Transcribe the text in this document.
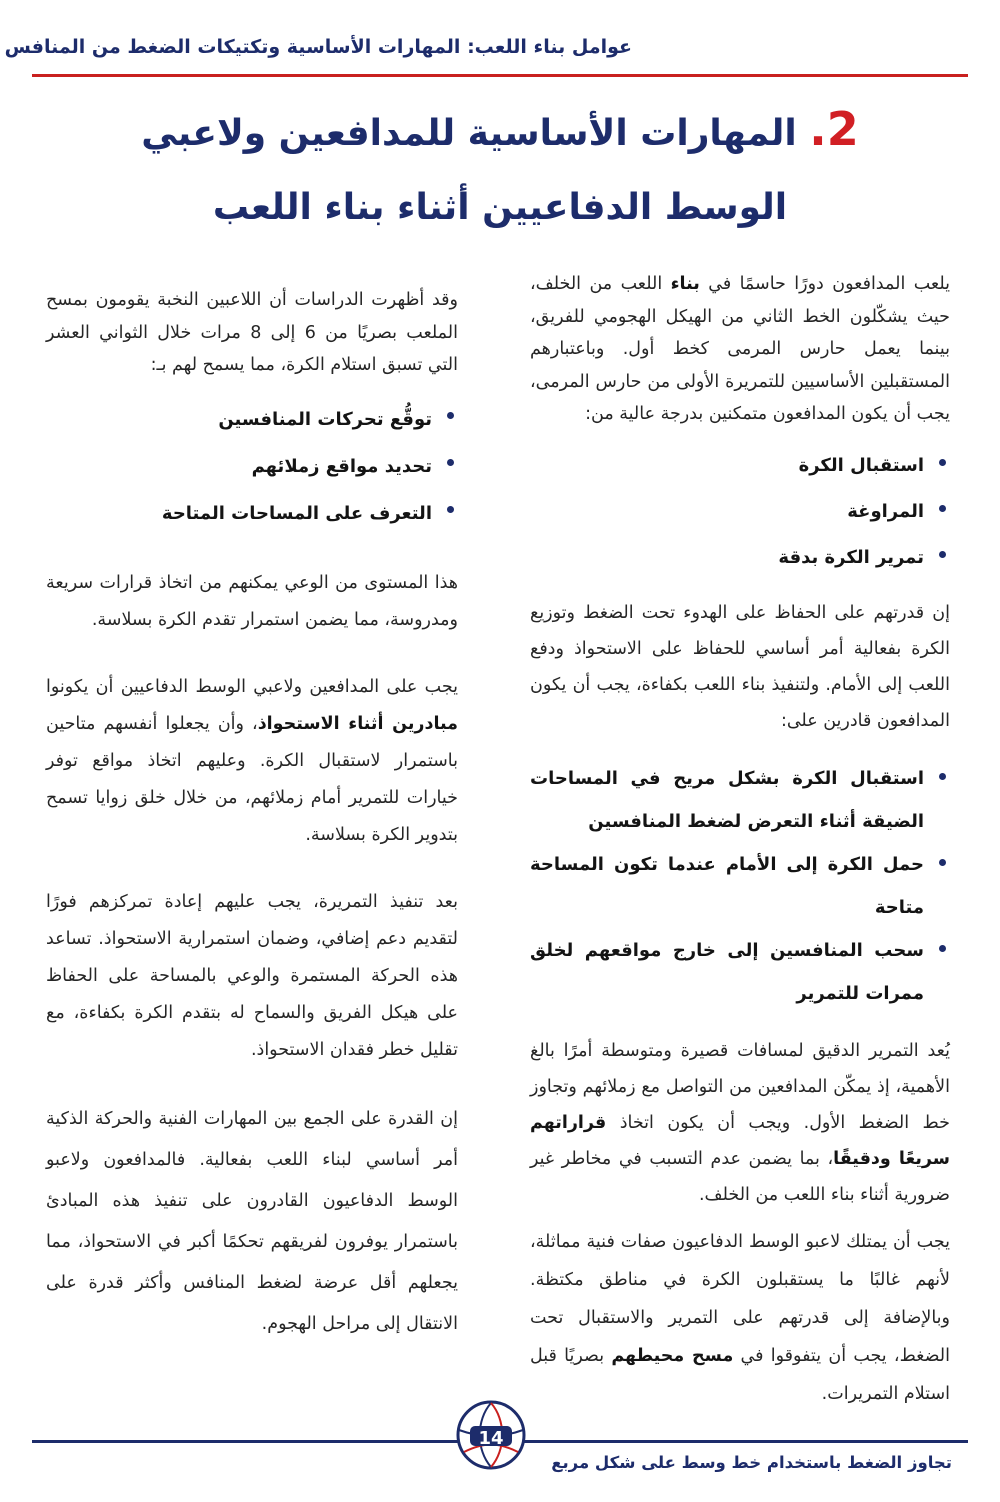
عوامل بناء اللعب: المهارات الأساسية وتكتيكات الضغط من المنافس
2. المهارات الأساسية للمدافعين ولاعبي
الوسط الدفاعيين أثناء بناء اللعب

يلعب المدافعون دورًا حاسمًا في بناء اللعب من الخلف، حيث يشكّلون الخط الثاني من الهيكل الهجومي للفريق، بينما يعمل حارس المرمى كخط أول. وباعتبارهم المستقبلين الأساسيين للتمريرة الأولى من حارس المرمى، يجب أن يكون المدافعون متمكنين بدرجة عالية من:

استقبال الكرة
المراوغة
تمرير الكرة بدقة

إن قدرتهم على الحفاظ على الهدوء تحت الضغط وتوزيع الكرة بفعالية أمر أساسي للحفاظ على الاستحواذ ودفع اللعب إلى الأمام. ولتنفيذ بناء اللعب بكفاءة، يجب أن يكون المدافعون قادرين على:

استقبال الكرة بشكل مريح في المساحات الضيقة أثناء التعرض لضغط المنافسين
حمل الكرة إلى الأمام عندما تكون المساحة متاحة
سحب المنافسين إلى خارج مواقعهم لخلق ممرات للتمرير

يُعد التمرير الدقيق لمسافات قصيرة ومتوسطة أمرًا بالغ الأهمية، إذ يمكّن المدافعين من التواصل مع زملائهم وتجاوز خط الضغط الأول. ويجب أن يكون اتخاذ قراراتهم سريعًا ودقيقًا، بما يضمن عدم التسبب في مخاطر غير ضرورية أثناء بناء اللعب من الخلف.

يجب أن يمتلك لاعبو الوسط الدفاعيون صفات فنية مماثلة، لأنهم غالبًا ما يستقبلون الكرة في مناطق مكتظة. وبالإضافة إلى قدرتهم على التمرير والاستقبال تحت الضغط، يجب أن يتفوقوا في مسح محيطهم بصريًا قبل استلام التمريرات.

وقد أظهرت الدراسات أن اللاعبين النخبة يقومون بمسح الملعب بصريًا من 6 إلى 8 مرات خلال الثواني العشر التي تسبق استلام الكرة، مما يسمح لهم بـ:

توقُّع تحركات المنافسين
تحديد مواقع زملائهم
التعرف على المساحات المتاحة

هذا المستوى من الوعي يمكنهم من اتخاذ قرارات سريعة ومدروسة، مما يضمن استمرار تقدم الكرة بسلاسة.

يجب على المدافعين ولاعبي الوسط الدفاعيين أن يكونوا مبادرين أثناء الاستحواذ، وأن يجعلوا أنفسهم متاحين باستمرار لاستقبال الكرة. وعليهم اتخاذ مواقع توفر خيارات للتمرير أمام زملائهم، من خلال خلق زوايا تسمح بتدوير الكرة بسلاسة.

بعد تنفيذ التمريرة، يجب عليهم إعادة تمركزهم فورًا لتقديم دعم إضافي، وضمان استمرارية الاستحواذ. تساعد هذه الحركة المستمرة والوعي بالمساحة على الحفاظ على هيكل الفريق والسماح له بتقدم الكرة بكفاءة، مع تقليل خطر فقدان الاستحواذ.

إن القدرة على الجمع بين المهارات الفنية والحركة الذكية أمر أساسي لبناء اللعب بفعالية. فالمدافعون ولاعبو الوسط الدفاعيون القادرون على تنفيذ هذه المبادئ باستمرار يوفرون لفريقهم تحكمًا أكبر في الاستحواذ، مما يجعلهم أقل عرضة لضغط المنافس وأكثر قدرة على الانتقال إلى مراحل الهجوم.

14
تجاوز الضغط باستخدام خط وسط على شكل مربع
